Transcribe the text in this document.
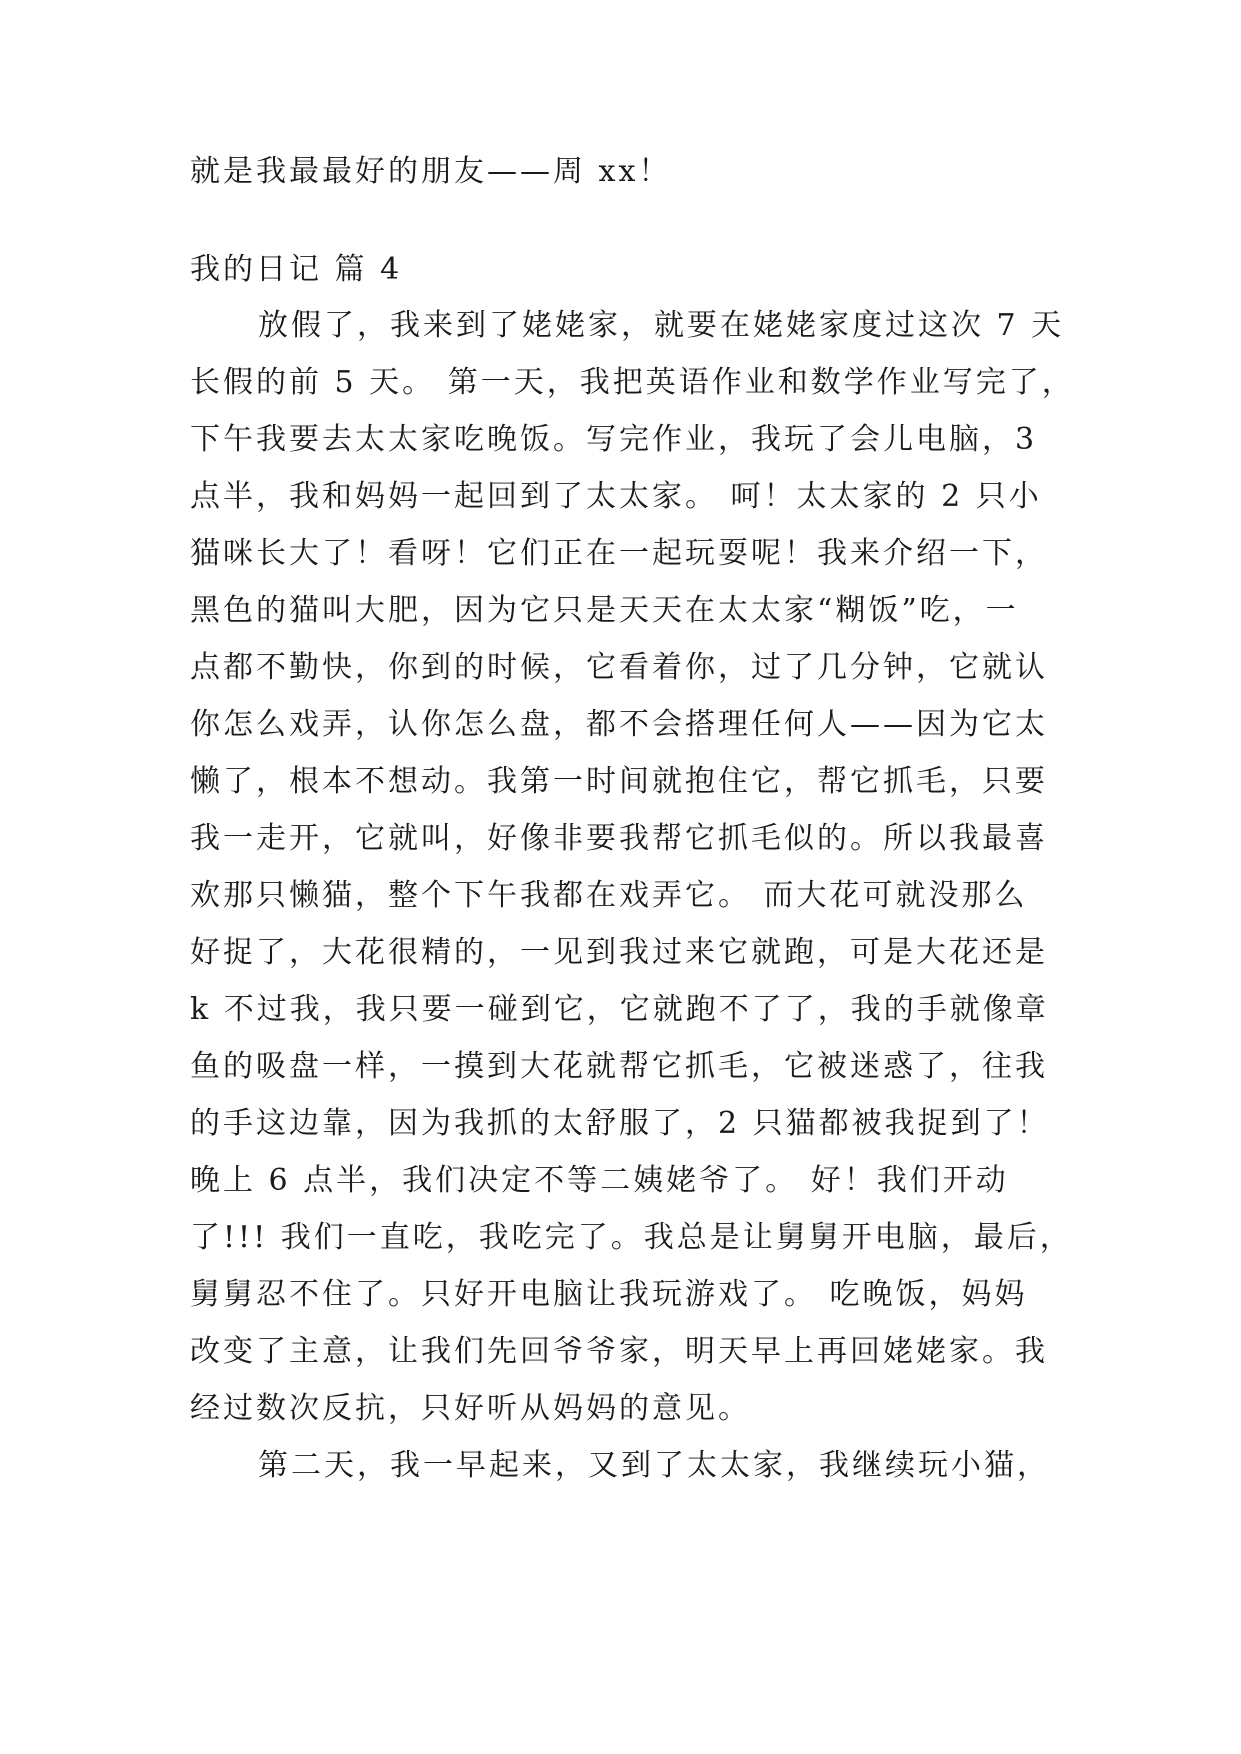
就是我最最好的朋友——周 xx！
我的日记 篇 4
放假了，我来到了姥姥家，就要在姥姥家度过这次 7 天
长假的前 5 天。 第一天，我把英语作业和数学作业写完了，
下午我要去太太家吃晚饭。写完作业，我玩了会儿电脑，3
点半，我和妈妈一起回到了太太家。 呵！太太家的 2 只小
猫咪长大了！看呀！它们正在一起玩耍呢！我来介绍一下，
黑色的猫叫大肥，因为它只是天天在太太家“糊饭”吃，一
点都不勤快，你到的时候，它看着你，过了几分钟，它就认
你怎么戏弄，认你怎么盘，都不会搭理任何人——因为它太
懒了，根本不想动。我第一时间就抱住它，帮它抓毛，只要
我一走开，它就叫，好像非要我帮它抓毛似的。所以我最喜
欢那只懒猫，整个下午我都在戏弄它。 而大花可就没那么
好捉了，大花很精的，一见到我过来它就跑，可是大花还是
k 不过我，我只要一碰到它，它就跑不了了，我的手就像章
鱼的吸盘一样，一摸到大花就帮它抓毛，它被迷惑了，往我
的手这边靠，因为我抓的太舒服了，2 只猫都被我捉到了！
晚上 6 点半，我们决定不等二姨姥爷了。 好！我们开动
了!!! 我们一直吃，我吃完了。我总是让舅舅开电脑，最后，
舅舅忍不住了。只好开电脑让我玩游戏了。 吃晚饭，妈妈
改变了主意，让我们先回爷爷家，明天早上再回姥姥家。我
经过数次反抗，只好听从妈妈的意见。
第二天，我一早起来，又到了太太家，我继续玩小猫，
